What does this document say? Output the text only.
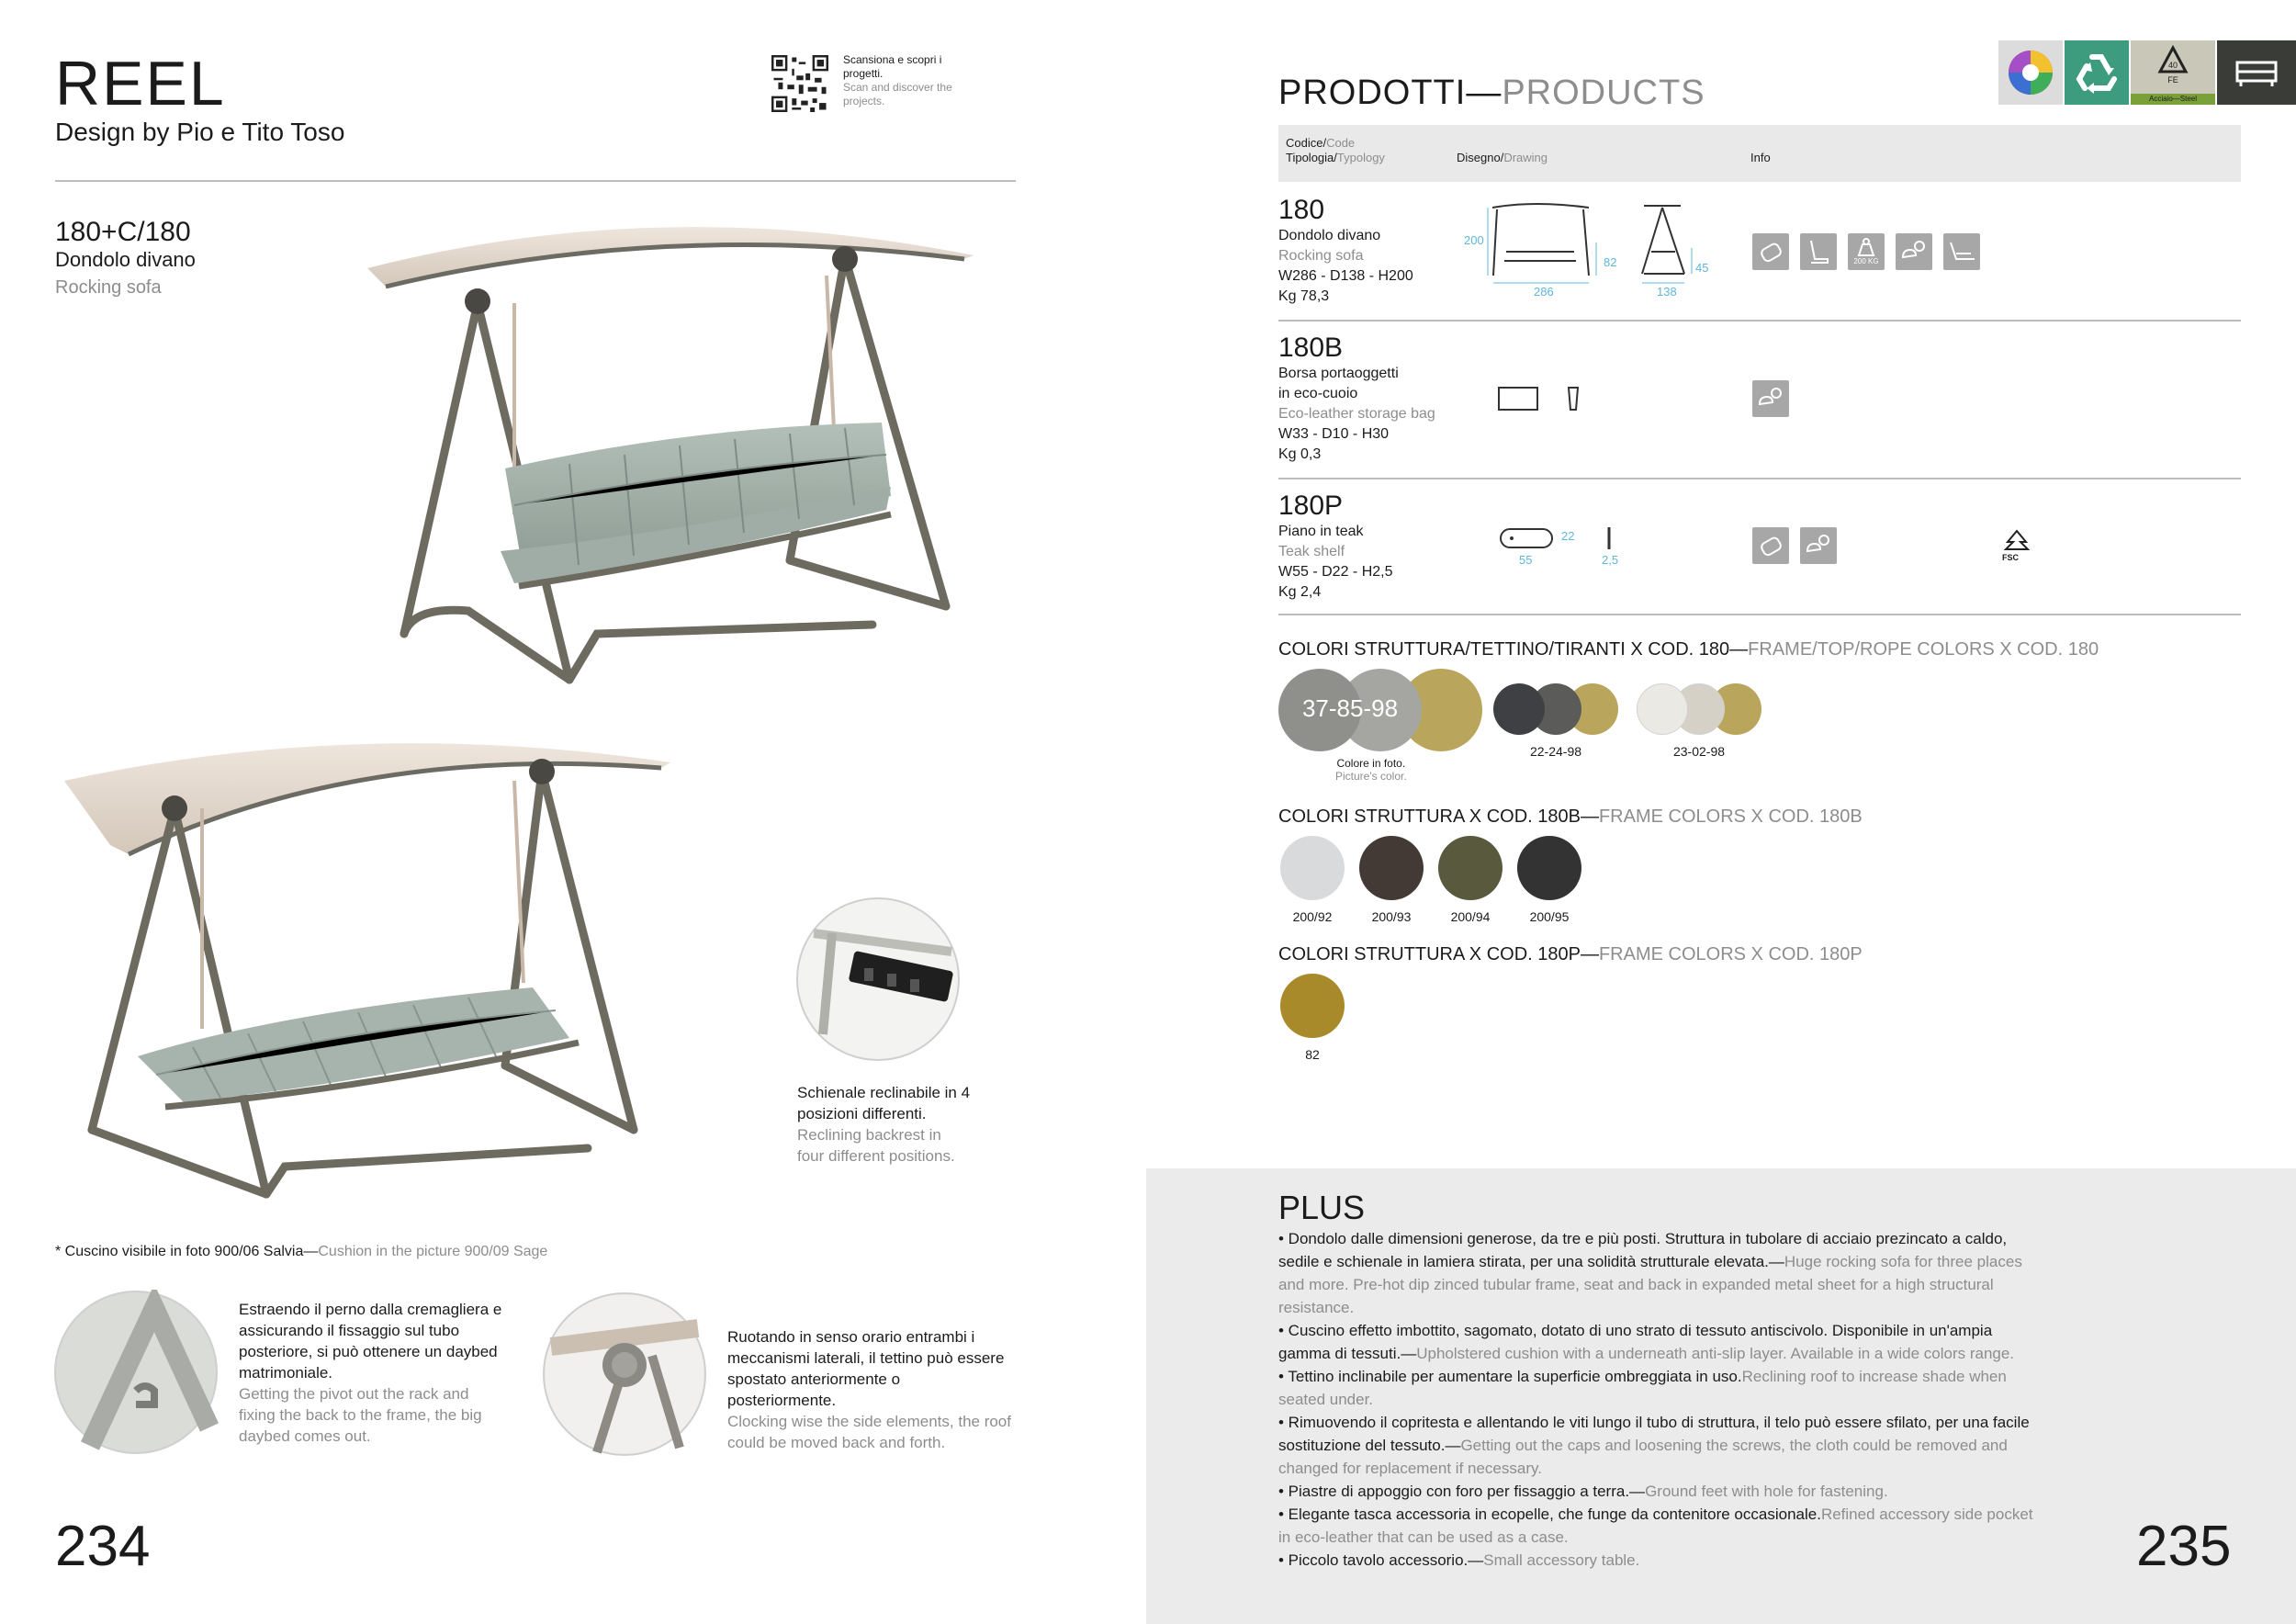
REEL
Design by Pio e Tito Toso
Scansiona e scopri i progetti.
Scan and discover the projects.
180+C/180
Dondolo divano
Rocking sofa
Schienale reclinabile in 4 posizioni differenti.
Reclining backrest in four different positions.
* Cuscino visibile in foto 900/06 Salvia—Cushion in the picture 900/09 Sage
Estraendo il perno dalla cremagliera e assicurando il fissaggio sul tubo posteriore, si può ottenere un daybed matrimoniale.
Getting the pivot out the rack and fixing the back to the frame, the big daybed comes out.
Ruotando in senso orario entrambi i meccanismi laterali, il tettino può essere spostato anteriormente o posteriormente.
Clocking wise the side elements, the roof could be moved back and forth.
234
PRODOTTI—PRODUCTS
40
FE
Acciaio—Steel
Codice/Code
Tipologia/Typology	Disegno/Drawing	Info
180
Dondolo divano
Rocking sofa
W286 - D138 - H200
Kg 78,3
200
82
286
45
138
200 KG
180B
Borsa portaoggetti
in eco-cuoio
Eco-leather storage bag
W33 - D10 - H30
Kg 0,3
180P
Piano in teak
Teak shelf
W55 - D22 - H2,5
Kg 2,4
22
55	2,5	FSC
COLORI STRUTTURA/TETTINO/TIRANTI X COD. 180—FRAME/TOP/ROPE COLORS X COD. 180
37-85-98
22-24-98	23-02-98
Colore in foto.
Picture's color.
COLORI STRUTTURA X COD. 180B—FRAME COLORS X COD. 180B
200/92	200/93	200/94	200/95
COLORI STRUTTURA X COD. 180P—FRAME COLORS X COD. 180P
82
PLUS
• Dondolo dalle dimensioni generose, da tre e più posti. Struttura in tubolare di acciaio prezincato a caldo, sedile e schienale in lamiera stirata, per una solidità strutturale elevata.—Huge rocking sofa for three places and more. Pre-hot dip zinced tubular frame, seat and back in expanded metal sheet for a high structural resistance.
• Cuscino effetto imbottito, sagomato, dotato di uno strato di tessuto antiscivolo. Disponibile in un'ampia gamma di tessuti.—Upholstered cushion with a underneath anti-slip layer. Available in a wide colors range.
• Tettino inclinabile per aumentare la superficie ombreggiata in uso.Reclining roof to increase shade when seated under.
• Rimuovendo il copritesta e allentando le viti lungo il tubo di struttura, il telo può essere sfilato, per una facile sostituzione del tessuto.—Getting out the caps and loosening the screws, the cloth could be removed and changed for replacement if necessary.
• Piastre di appoggio con foro per fissaggio a terra.—Ground feet with hole for fastening.
• Elegante tasca accessoria in ecopelle, che funge da contenitore occasionale.Refined accessory side pocket in eco-leather that can be used as a case.
• Piccolo tavolo accessorio.—Small accessory table.	235
